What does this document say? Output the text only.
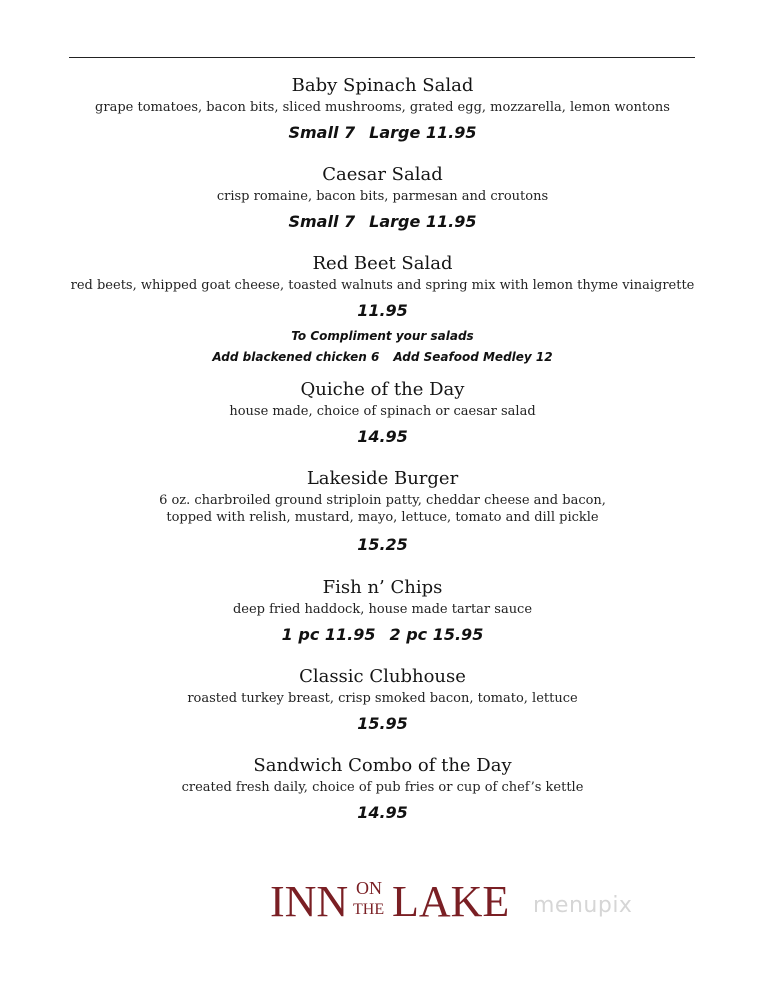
Baby Spinach Salad
grape tomatoes, bacon bits, sliced mushrooms, grated egg, mozzarella, lemon wontons
Small 7 Large 11.95
Caesar Salad
crisp romaine, bacon bits, parmesan and croutons
Small 7 Large 11.95
Red Beet Salad
red beets, whipped goat cheese, toasted walnuts and spring mix with lemon thyme vinaigrette
11.95
To Compliment your salads
Add blackened chicken 6 Add Seafood Medley 12
Quiche of the Day
house made, choice of spinach or caesar salad
14.95
Lakeside Burger
6 oz. charbroiled ground striploin patty, cheddar cheese and bacon,
topped with relish, mustard, mayo, lettuce, tomato and dill pickle
15.25
Fish n’ Chips
deep fried haddock, house made tartar sauce
1 pc 11.95 2 pc 15.95
Classic Clubhouse
roasted turkey breast, crisp smoked bacon, tomato, lettuce
15.95
Sandwich Combo of the Day
created fresh daily, choice of pub fries or cup of chef’s kettle
14.95
INN ON
THE LAKE menupix
